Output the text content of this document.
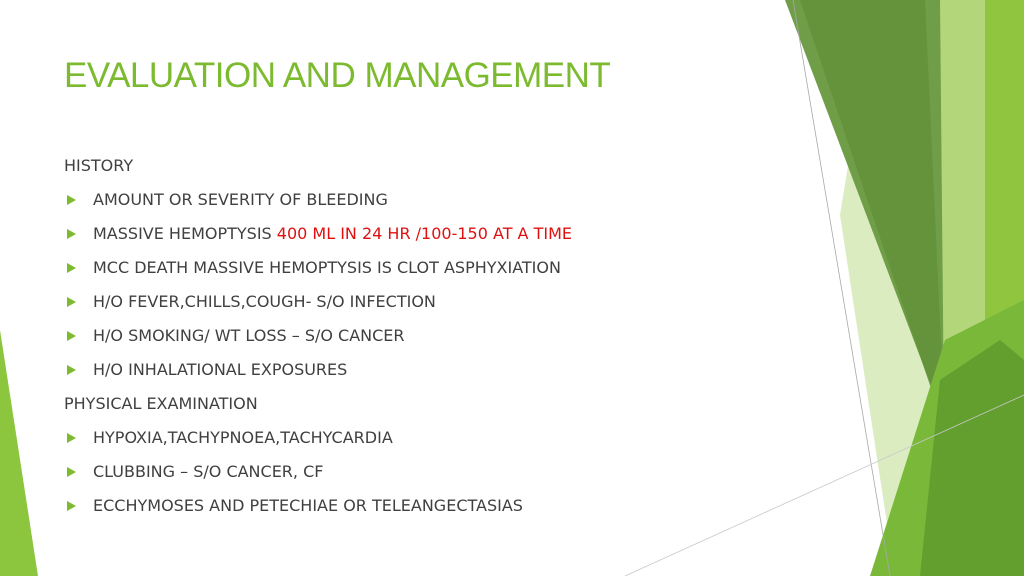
EVALUATION AND MANAGEMENT
HISTORY
AMOUNT OR SEVERITY OF BLEEDING
MASSIVE HEMOPTYSIS 400 ML IN 24 HR /100-150 AT A TIME
MCC DEATH MASSIVE HEMOPTYSIS IS CLOT ASPHYXIATION
H/O FEVER,CHILLS,COUGH- S/O INFECTION
H/O SMOKING/ WT LOSS – S/O CANCER
H/O INHALATIONAL EXPOSURES
PHYSICAL EXAMINATION
HYPOXIA,TACHYPNOEA,TACHYCARDIA
CLUBBING – S/O CANCER, CF
ECCHYMOSES AND PETECHIAE OR TELEANGECTASIAS
